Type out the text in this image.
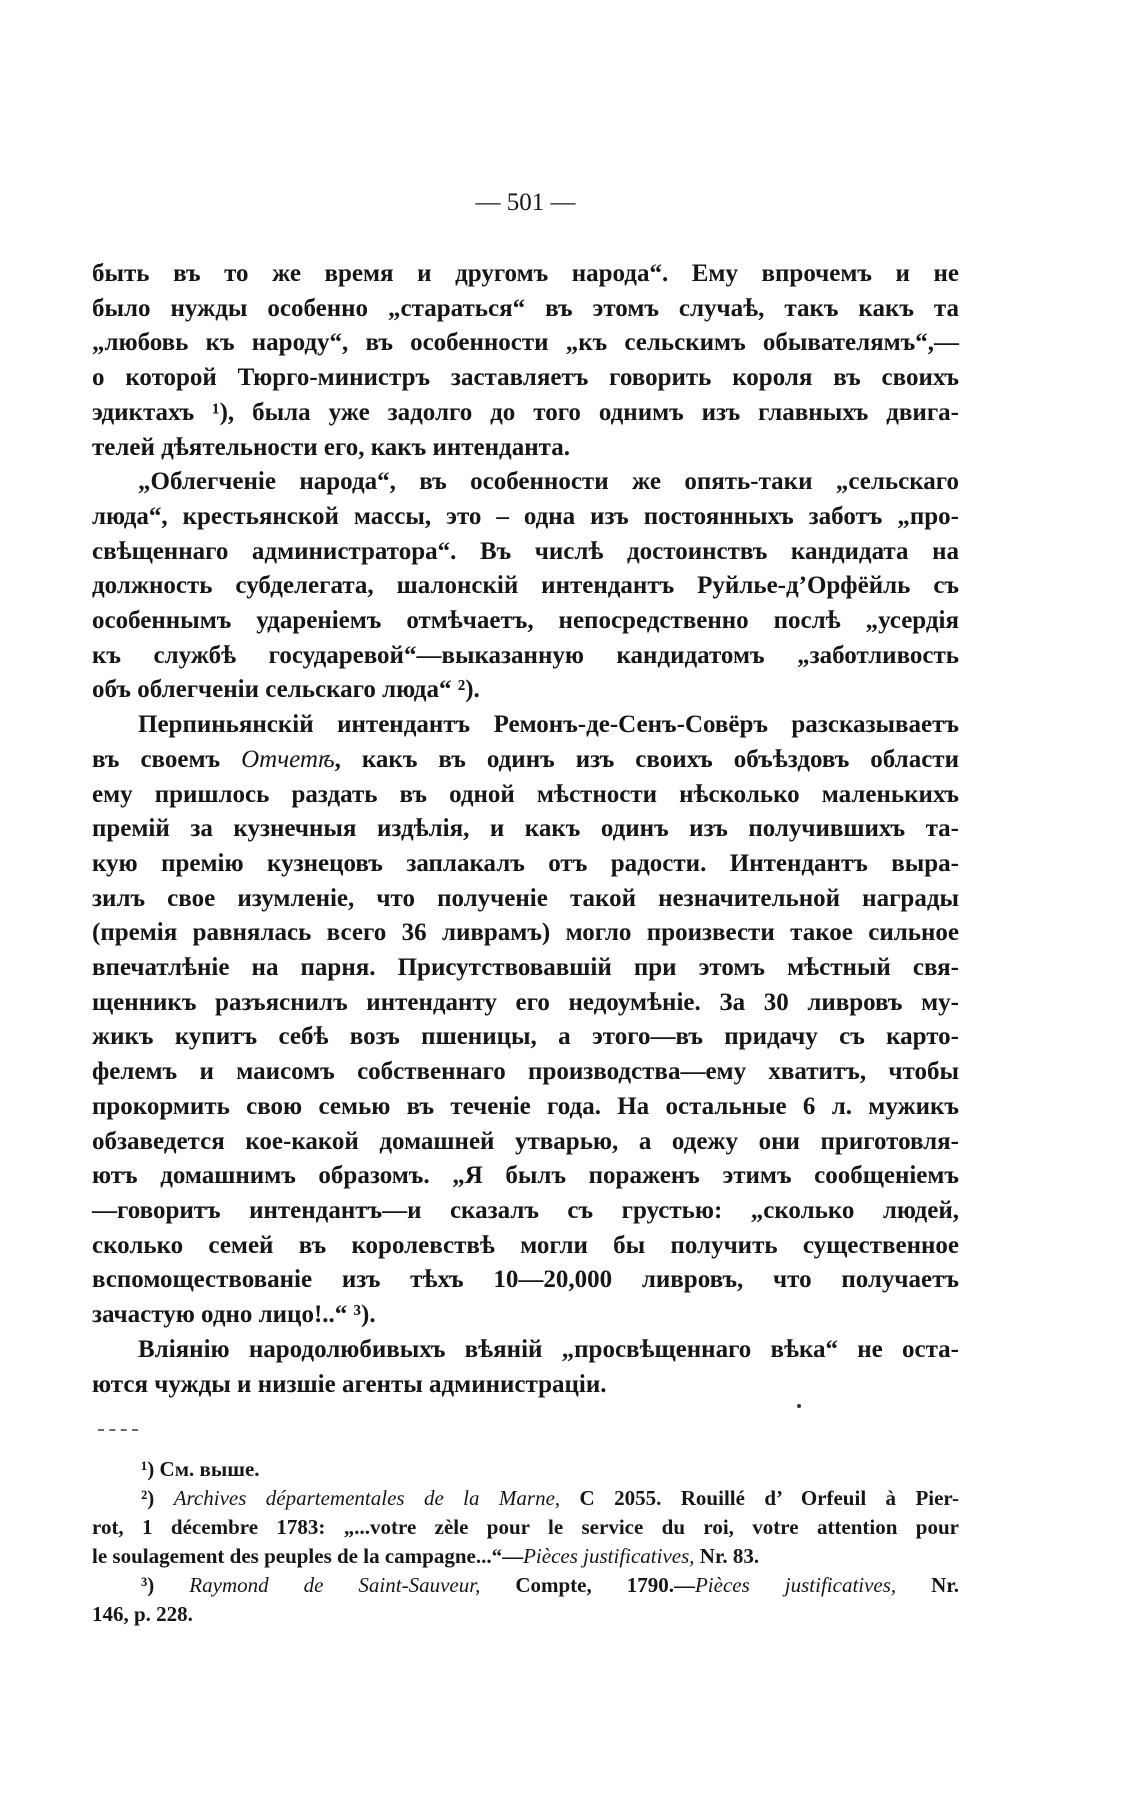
— 501 —
быть въ то же время и другомъ народа“. Ему впрочемъ и не
было нужды особенно „стараться“ въ этомъ случаѣ, такъ какъ та
„любовь къ народу“, въ особенности „къ сельскимъ обывателямъ“,—
о которой Тюрго-министръ заставляетъ говорить короля въ своихъ
эдиктахъ ¹), была уже задолго до того однимъ изъ главныхъ двига-
телей дѣятельности его, какъ интенданта.
„Облегченіе народа“, въ особенности же опять-таки „сельскаго
люда“, крестьянской массы, это – одна изъ постоянныхъ заботъ „про-
свѣщеннаго администратора“. Въ числѣ достоинствъ кандидата на
должность субделегата, шалонскій интендантъ Руйлье-д’Орфёйль съ
особеннымъ удареніемъ отмѣчаетъ, непосредственно послѣ „усердія
къ службѣ государевой“—выказанную кандидатомъ „заботливость
объ облегченіи сельскаго люда“ ²).
Перпиньянскій интендантъ Ремонъ-де-Сенъ-Совёръ разсказываетъ
въ своемъ Отчетѣ, какъ въ одинъ изъ своихъ объѣздовъ области
ему пришлось раздать въ одной мѣстности нѣсколько маленькихъ
премій за кузнечныя издѣлія, и какъ одинъ изъ получившихъ та-
кую премію кузнецовъ заплакалъ отъ радости. Интендантъ выра-
зилъ свое изумленіе, что полученіе такой незначительной награды
(премія равнялась всего 36 ливрамъ) могло произвести такое сильное
впечатлѣніе на парня. Присутствовавшій при этомъ мѣстный свя-
щенникъ разъяснилъ интенданту его недоумѣніе. За 30 ливровъ му-
жикъ купитъ себѣ возъ пшеницы, а этого—въ придачу съ карто-
фелемъ и маисомъ собственнаго производства—ему хватитъ, чтобы
прокормить свою семью въ теченіе года. На остальные 6 л. мужикъ
обзаведется кое-какой домашней утварью, а одежу они приготовля-
ютъ домашнимъ образомъ. „Я былъ пораженъ этимъ сообщеніемъ
—говоритъ интендантъ—и сказалъ съ грустью: „сколько людей,
сколько семей въ королевствѣ могли бы получить существенное
вспомоществованіе изъ тѣхъ 10—20,000 ливровъ, что получаетъ
зачастую одно лицо!..“ ³).
Вліянію народолюбивыхъ вѣяній „просвѣщеннаго вѣка“ не оста-
ются чужды и низшіе агенты администраціи.
¹) См. выше.
²) Archives départementales de la Marne, C 2055. Rouillé d’ Orfeuil à Pier-
rot, 1 décembre 1783: „...votre zèle pour le service du roi, votre attention pour
le soulagement des peuples de la campagne...“—Pièces justificatives, Nr. 83.
³) Raymond de Saint-Sauveur, Compte, 1790.—Pièces justificatives, Nr.
146, p. 228.
